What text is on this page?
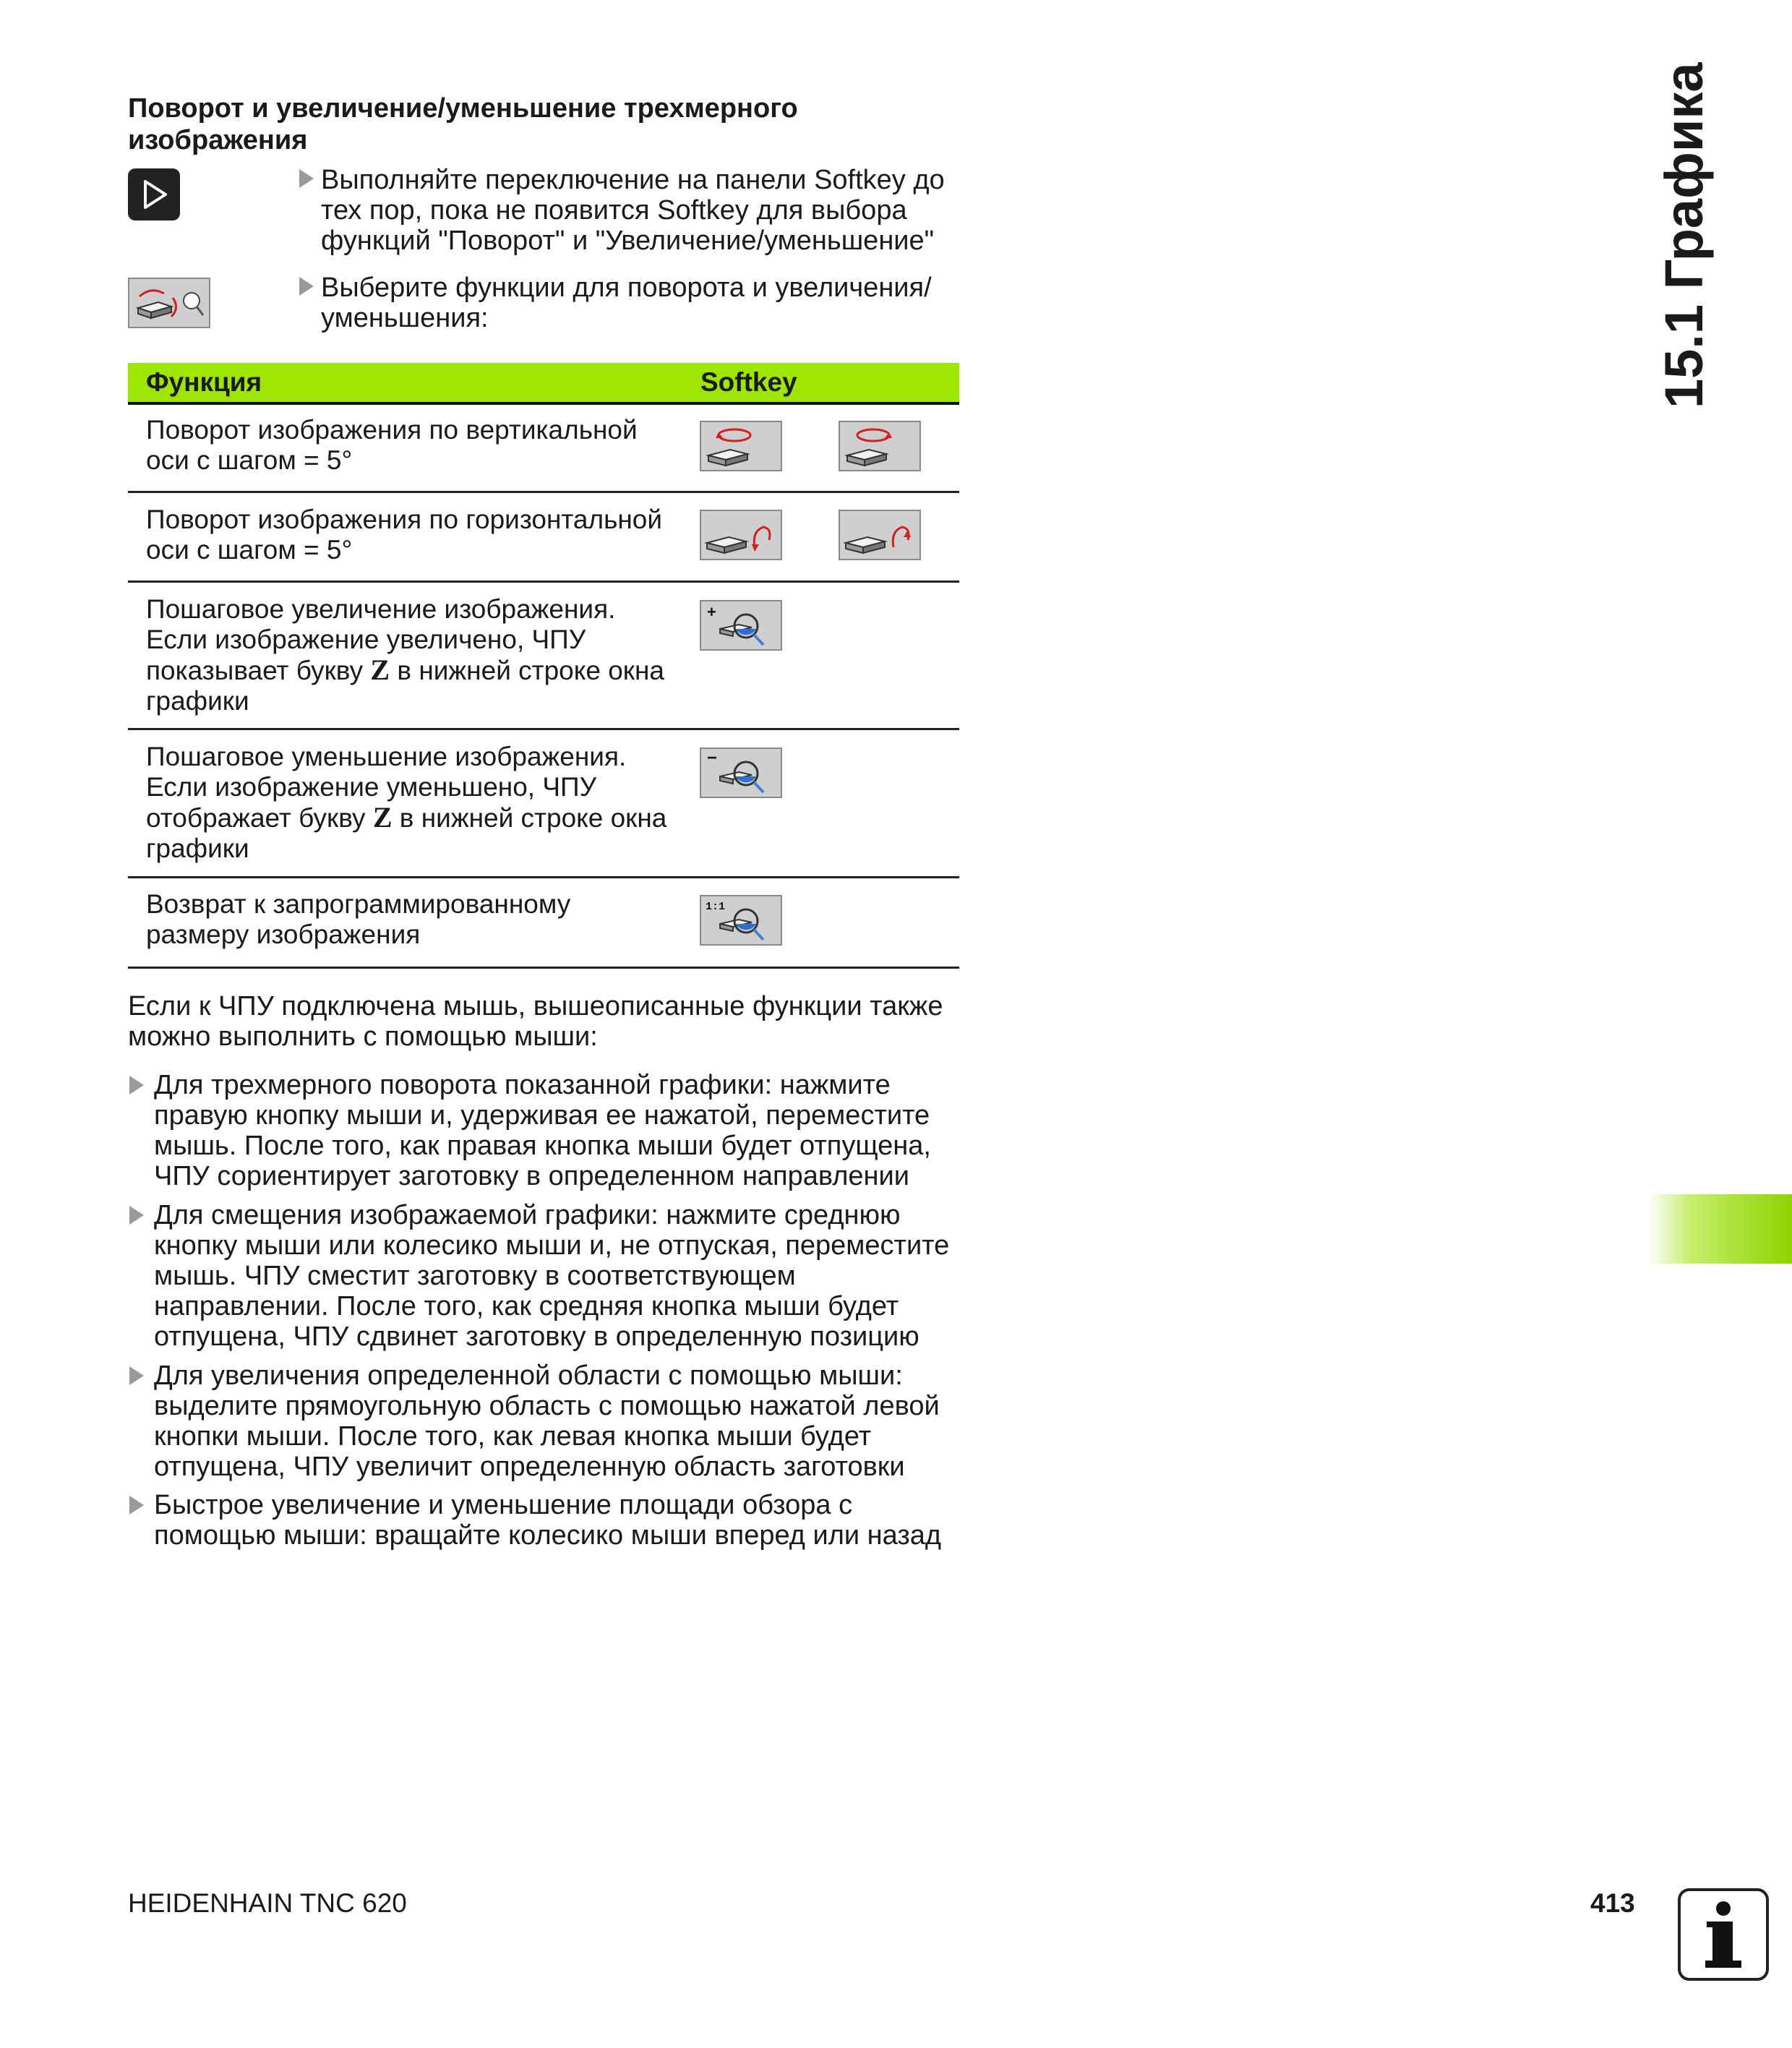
Поворот и увеличение/уменьшение трехмерного изображения
Выполняйте переключение на панели Softkey до тех пор, пока не появится Softkey для выбора функций "Поворот" и "Увеличение/уменьшение"
Выберите функции для поворота и увеличения/уменьшения:
Функция	Softkey
Поворот изображения по вертикальной оси с шагом = 5°
Поворот изображения по горизонтальной оси с шагом = 5°
Пошаговое увеличение изображения. Если изображение увеличено, ЧПУ показывает букву Z в нижней строке окна графики
+
Пошаговое уменьшение изображения. Если изображение уменьшено, ЧПУ отображает букву Z в нижней строке окна графики
−
Возврат к запрограммированному размеру изображения
1:1
Если к ЧПУ подключена мышь, вышеописанные функции также можно выполнить с помощью мыши:
Для трехмерного поворота показанной графики: нажмите правую кнопку мыши и, удерживая ее нажатой, переместите мышь. После того, как правая кнопка мыши будет отпущена, ЧПУ сориентирует заготовку в определенном направлении
Для смещения изображаемой графики: нажмите среднюю кнопку мыши или колесико мыши и, не отпуская, переместите мышь. ЧПУ сместит заготовку в соответствующем направлении. После того, как средняя кнопка мыши будет отпущена, ЧПУ сдвинет заготовку в определенную позицию
Для увеличения определенной области с помощью мыши: выделите прямоугольную область с помощью нажатой левой кнопки мыши. После того, как левая кнопка мыши будет отпущена, ЧПУ увеличит определенную область заготовки
Быстрое увеличение и уменьшение площади обзора с помощью мыши: вращайте колесико мыши вперед или назад
15.1 Графика
HEIDENHAIN TNC 620	413
